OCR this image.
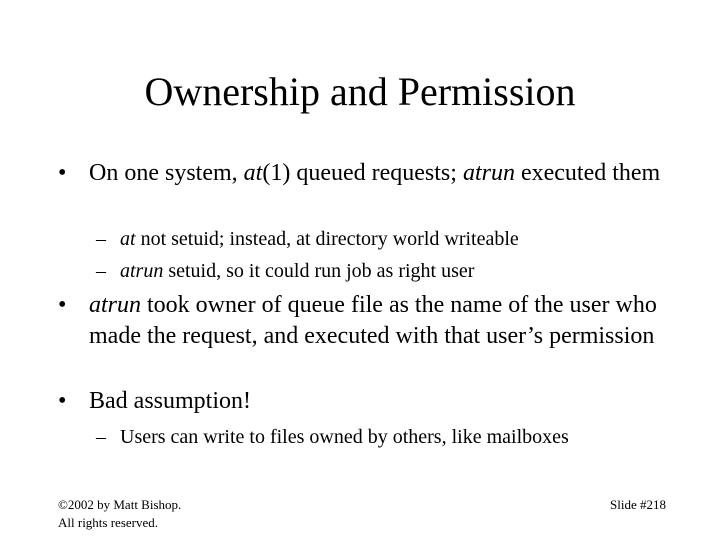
Ownership and Permission
• On one system, at(1) queued requests; atrun executed them
– at not setuid; instead, at directory world writeable
– atrun setuid, so it could run job as right user
• atrun took owner of queue file as the name of the user who made the request, and executed with that user’s permission
• Bad assumption!
– Users can write to files owned by others, like mailboxes
©2002 by Matt Bishop.
All rights reserved.
Slide #218
